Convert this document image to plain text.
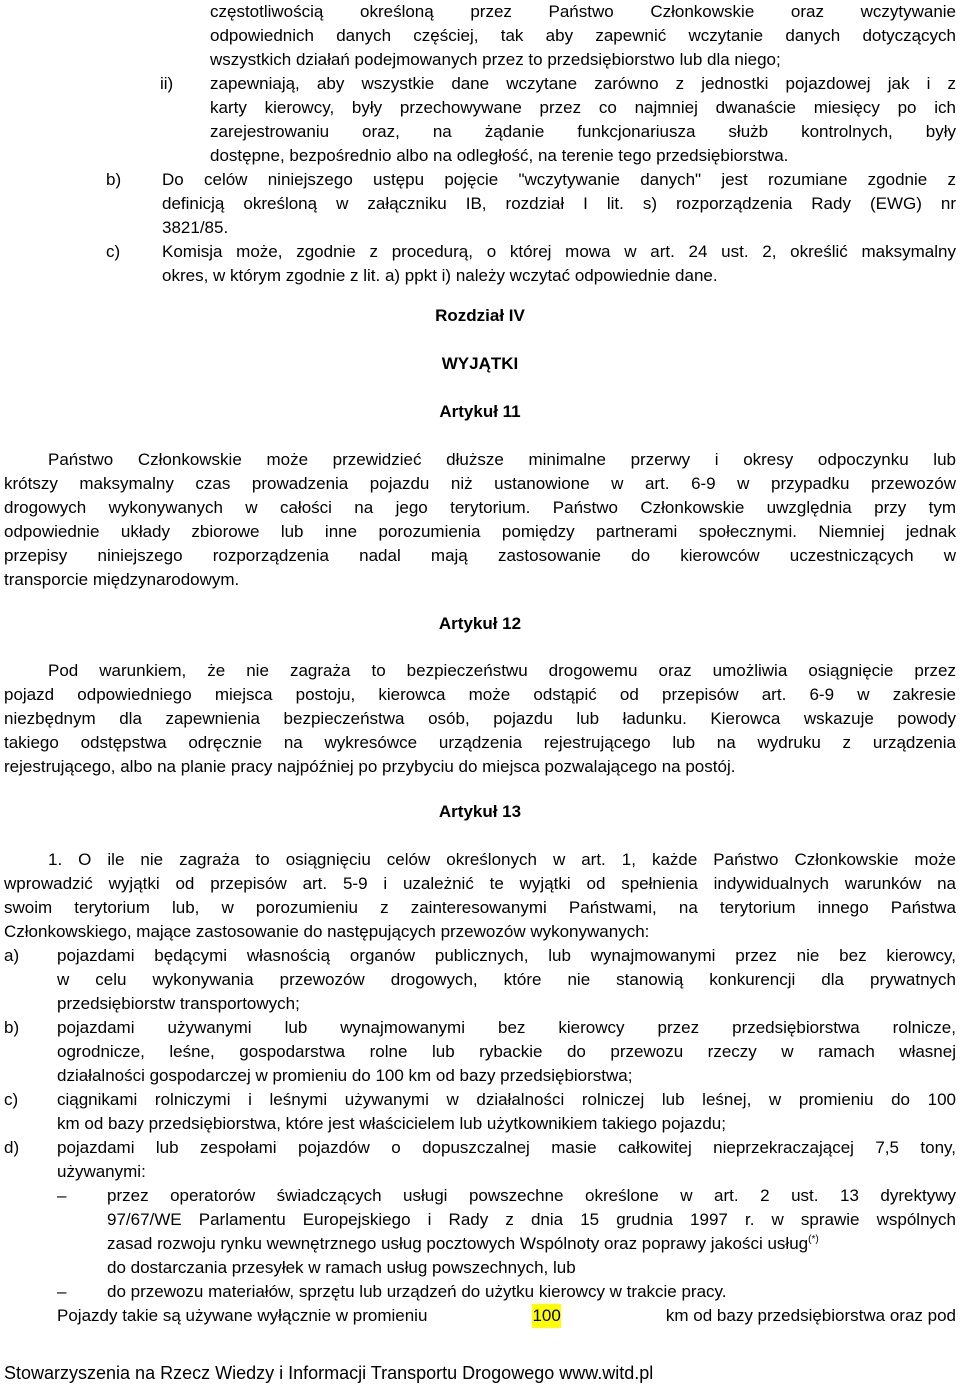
częstotliwością określoną przez Państwo Członkowskie oraz wczytywanie
odpowiednich danych częściej, tak aby zapewnić wczytanie danych dotyczących
wszystkich działań podejmowanych przez to przedsiębiorstwo lub dla niego;
ii) zapewniają, aby wszystkie dane wczytane zarówno z jednostki pojazdowej jak i z
karty kierowcy, były przechowywane przez co najmniej dwanaście miesięcy po ich
zarejestrowaniu oraz, na żądanie funkcjonariusza służb kontrolnych, były
dostępne, bezpośrednio albo na odległość, na terenie tego przedsiębiorstwa.
b) Do celów niniejszego ustępu pojęcie "wczytywanie danych" jest rozumiane zgodnie z
definicją określoną w załączniku IB, rozdział I lit. s) rozporządzenia Rady (EWG) nr
3821/85.
c) Komisja może, zgodnie z procedurą, o której mowa w art. 24 ust. 2, określić maksymalny
okres, w którym zgodnie z lit. a) ppkt i) należy wczytać odpowiednie dane.
Rozdział IV
WYJĄTKI
Artykuł 11
Państwo Członkowskie może przewidzieć dłuższe minimalne przerwy i okresy odpoczynku lub
krótszy maksymalny czas prowadzenia pojazdu niż ustanowione w art. 6-9 w przypadku przewozów
drogowych wykonywanych w całości na jego terytorium. Państwo Członkowskie uwzględnia przy tym
odpowiednie układy zbiorowe lub inne porozumienia pomiędzy partnerami społecznymi. Niemniej jednak
przepisy niniejszego rozporządzenia nadal mają zastosowanie do kierowców uczestniczących w
transporcie międzynarodowym.
Artykuł 12
Pod warunkiem, że nie zagraża to bezpieczeństwu drogowemu oraz umożliwia osiągnięcie przez
pojazd odpowiedniego miejsca postoju, kierowca może odstąpić od przepisów art. 6-9 w zakresie
niezbędnym dla zapewnienia bezpieczeństwa osób, pojazdu lub ładunku. Kierowca wskazuje powody
takiego odstępstwa odręcznie na wykresówce urządzenia rejestrującego lub na wydruku z urządzenia
rejestrującego, albo na planie pracy najpóźniej po przybyciu do miejsca pozwalającego na postój.
Artykuł 13
1. O ile nie zagraża to osiągnięciu celów określonych w art. 1, każde Państwo Członkowskie może
wprowadzić wyjątki od przepisów art. 5-9 i uzależnić te wyjątki od spełnienia indywidualnych warunków na
swoim terytorium lub, w porozumieniu z zainteresowanymi Państwami, na terytorium innego Państwa
Członkowskiego, mające zastosowanie do następujących przewozów wykonywanych:
a) pojazdami będącymi własnością organów publicznych, lub wynajmowanymi przez nie bez kierowcy,
w celu wykonywania przewozów drogowych, które nie stanowią konkurencji dla prywatnych
przedsiębiorstw transportowych;
b) pojazdami używanymi lub wynajmowanymi bez kierowcy przez przedsiębiorstwa rolnicze,
ogrodnicze, leśne, gospodarstwa rolne lub rybackie do przewozu rzeczy w ramach własnej
działalności gospodarczej w promieniu do 100 km od bazy przedsiębiorstwa;
c) ciągnikami rolniczymi i leśnymi używanymi w działalności rolniczej lub leśnej, w promieniu do 100
km od bazy przedsiębiorstwa, które jest właścicielem lub użytkownikiem takiego pojazdu;
d) pojazdami lub zespołami pojazdów o dopuszczalnej masie całkowitej nieprzekraczającej 7,5 tony,
używanymi:
– przez operatorów świadczących usługi powszechne określone w art. 2 ust. 13 dyrektywy
97/67/WE Parlamentu Europejskiego i Rady z dnia 15 grudnia 1997 r. w sprawie wspólnych
zasad rozwoju rynku wewnętrznego usług pocztowych Wspólnoty oraz poprawy jakości usług(*)
do dostarczania przesyłek w ramach usług powszechnych, lub
– do przewozu materiałów, sprzętu lub urządzeń do użytku kierowcy w trakcie pracy.
Pojazdy takie są używane wyłącznie w promieniu	100	km od bazy przedsiębiorstwa oraz pod
Stowarzyszenia na Rzecz Wiedzy i Informacji Transportu Drogowego www.witd.pl
